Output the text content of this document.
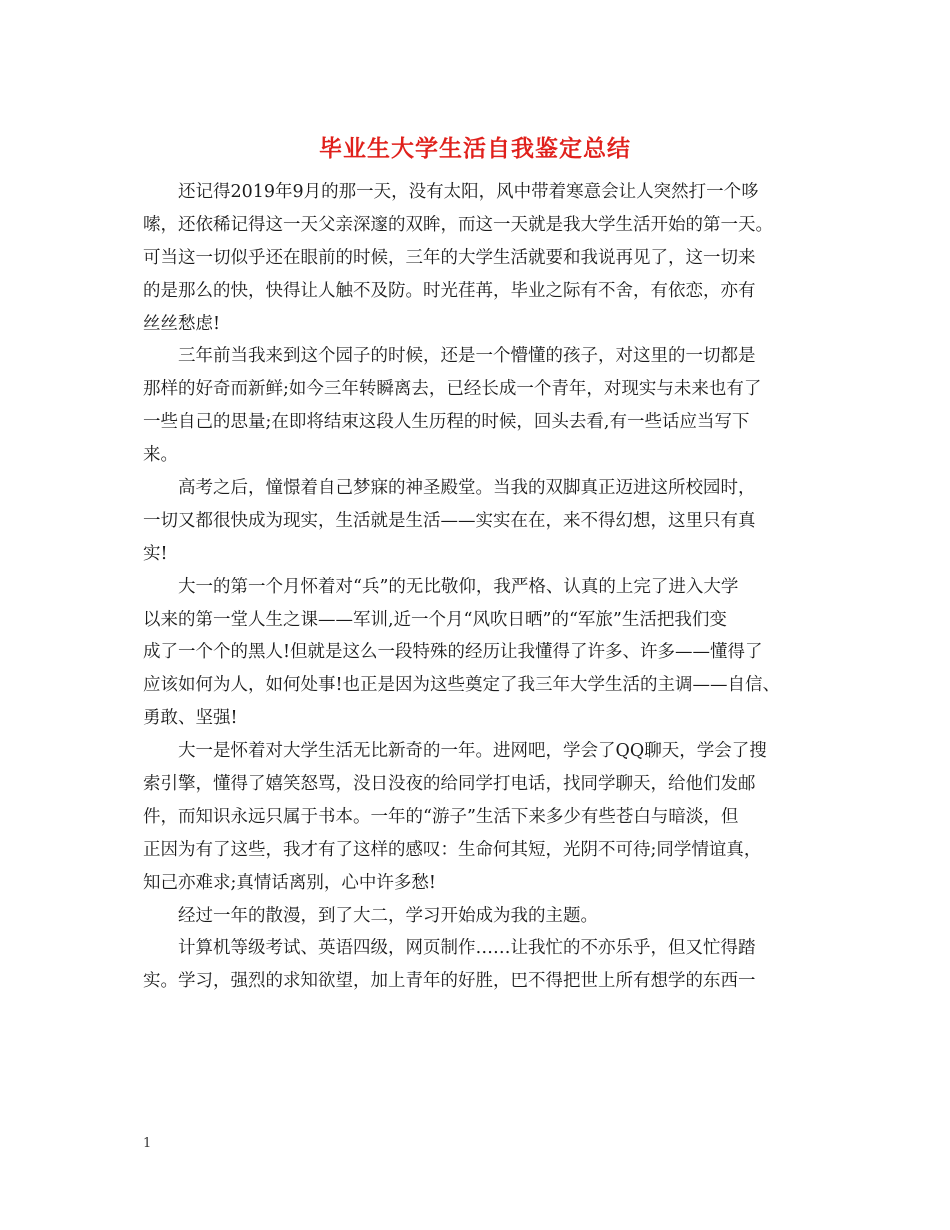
毕业生大学生活自我鉴定总结
还记得2019年9月的那一天，没有太阳，风中带着寒意会让人突然打一个哆
嗦，还依稀记得这一天父亲深邃的双眸，而这一天就是我大学生活开始的第一天。
可当这一切似乎还在眼前的时候，三年的大学生活就要和我说再见了，这一切来
的是那么的快，快得让人触不及防。时光荏苒，毕业之际有不舍，有依恋，亦有
丝丝愁虑!
三年前当我来到这个园子的时候，还是一个懵懂的孩子，对这里的一切都是
那样的好奇而新鲜;如今三年转瞬离去，已经长成一个青年，对现实与未来也有了
一些自己的思量;在即将结束这段人生历程的时候，回头去看,有一些话应当写下
来。
高考之后，憧憬着自己梦寐的神圣殿堂。当我的双脚真正迈进这所校园时，
一切又都很快成为现实，生活就是生活——实实在在，来不得幻想，这里只有真
实!
大一的第一个月怀着对“兵”的无比敬仰，我严格、认真的上完了进入大学
以来的第一堂人生之课——军训,近一个月“风吹日晒”的“军旅”生活把我们变
成了一个个的黑人!但就是这么一段特殊的经历让我懂得了许多、许多——懂得了
应该如何为人，如何处事!也正是因为这些奠定了我三年大学生活的主调——自信、
勇敢、坚强!
大一是怀着对大学生活无比新奇的一年。进网吧，学会了QQ聊天，学会了搜
索引擎，懂得了嬉笑怒骂，没日没夜的给同学打电话，找同学聊天，给他们发邮
件，而知识永远只属于书本。一年的“游子”生活下来多少有些苍白与暗淡，但
正因为有了这些，我才有了这样的感叹：生命何其短，光阴不可待;同学情谊真，
知己亦难求;真情话离别，心中许多愁!
经过一年的散漫，到了大二，学习开始成为我的主题。
计算机等级考试、英语四级，网页制作……让我忙的不亦乐乎，但又忙得踏
实。学习，强烈的求知欲望，加上青年的好胜，巴不得把世上所有想学的东西一
1
